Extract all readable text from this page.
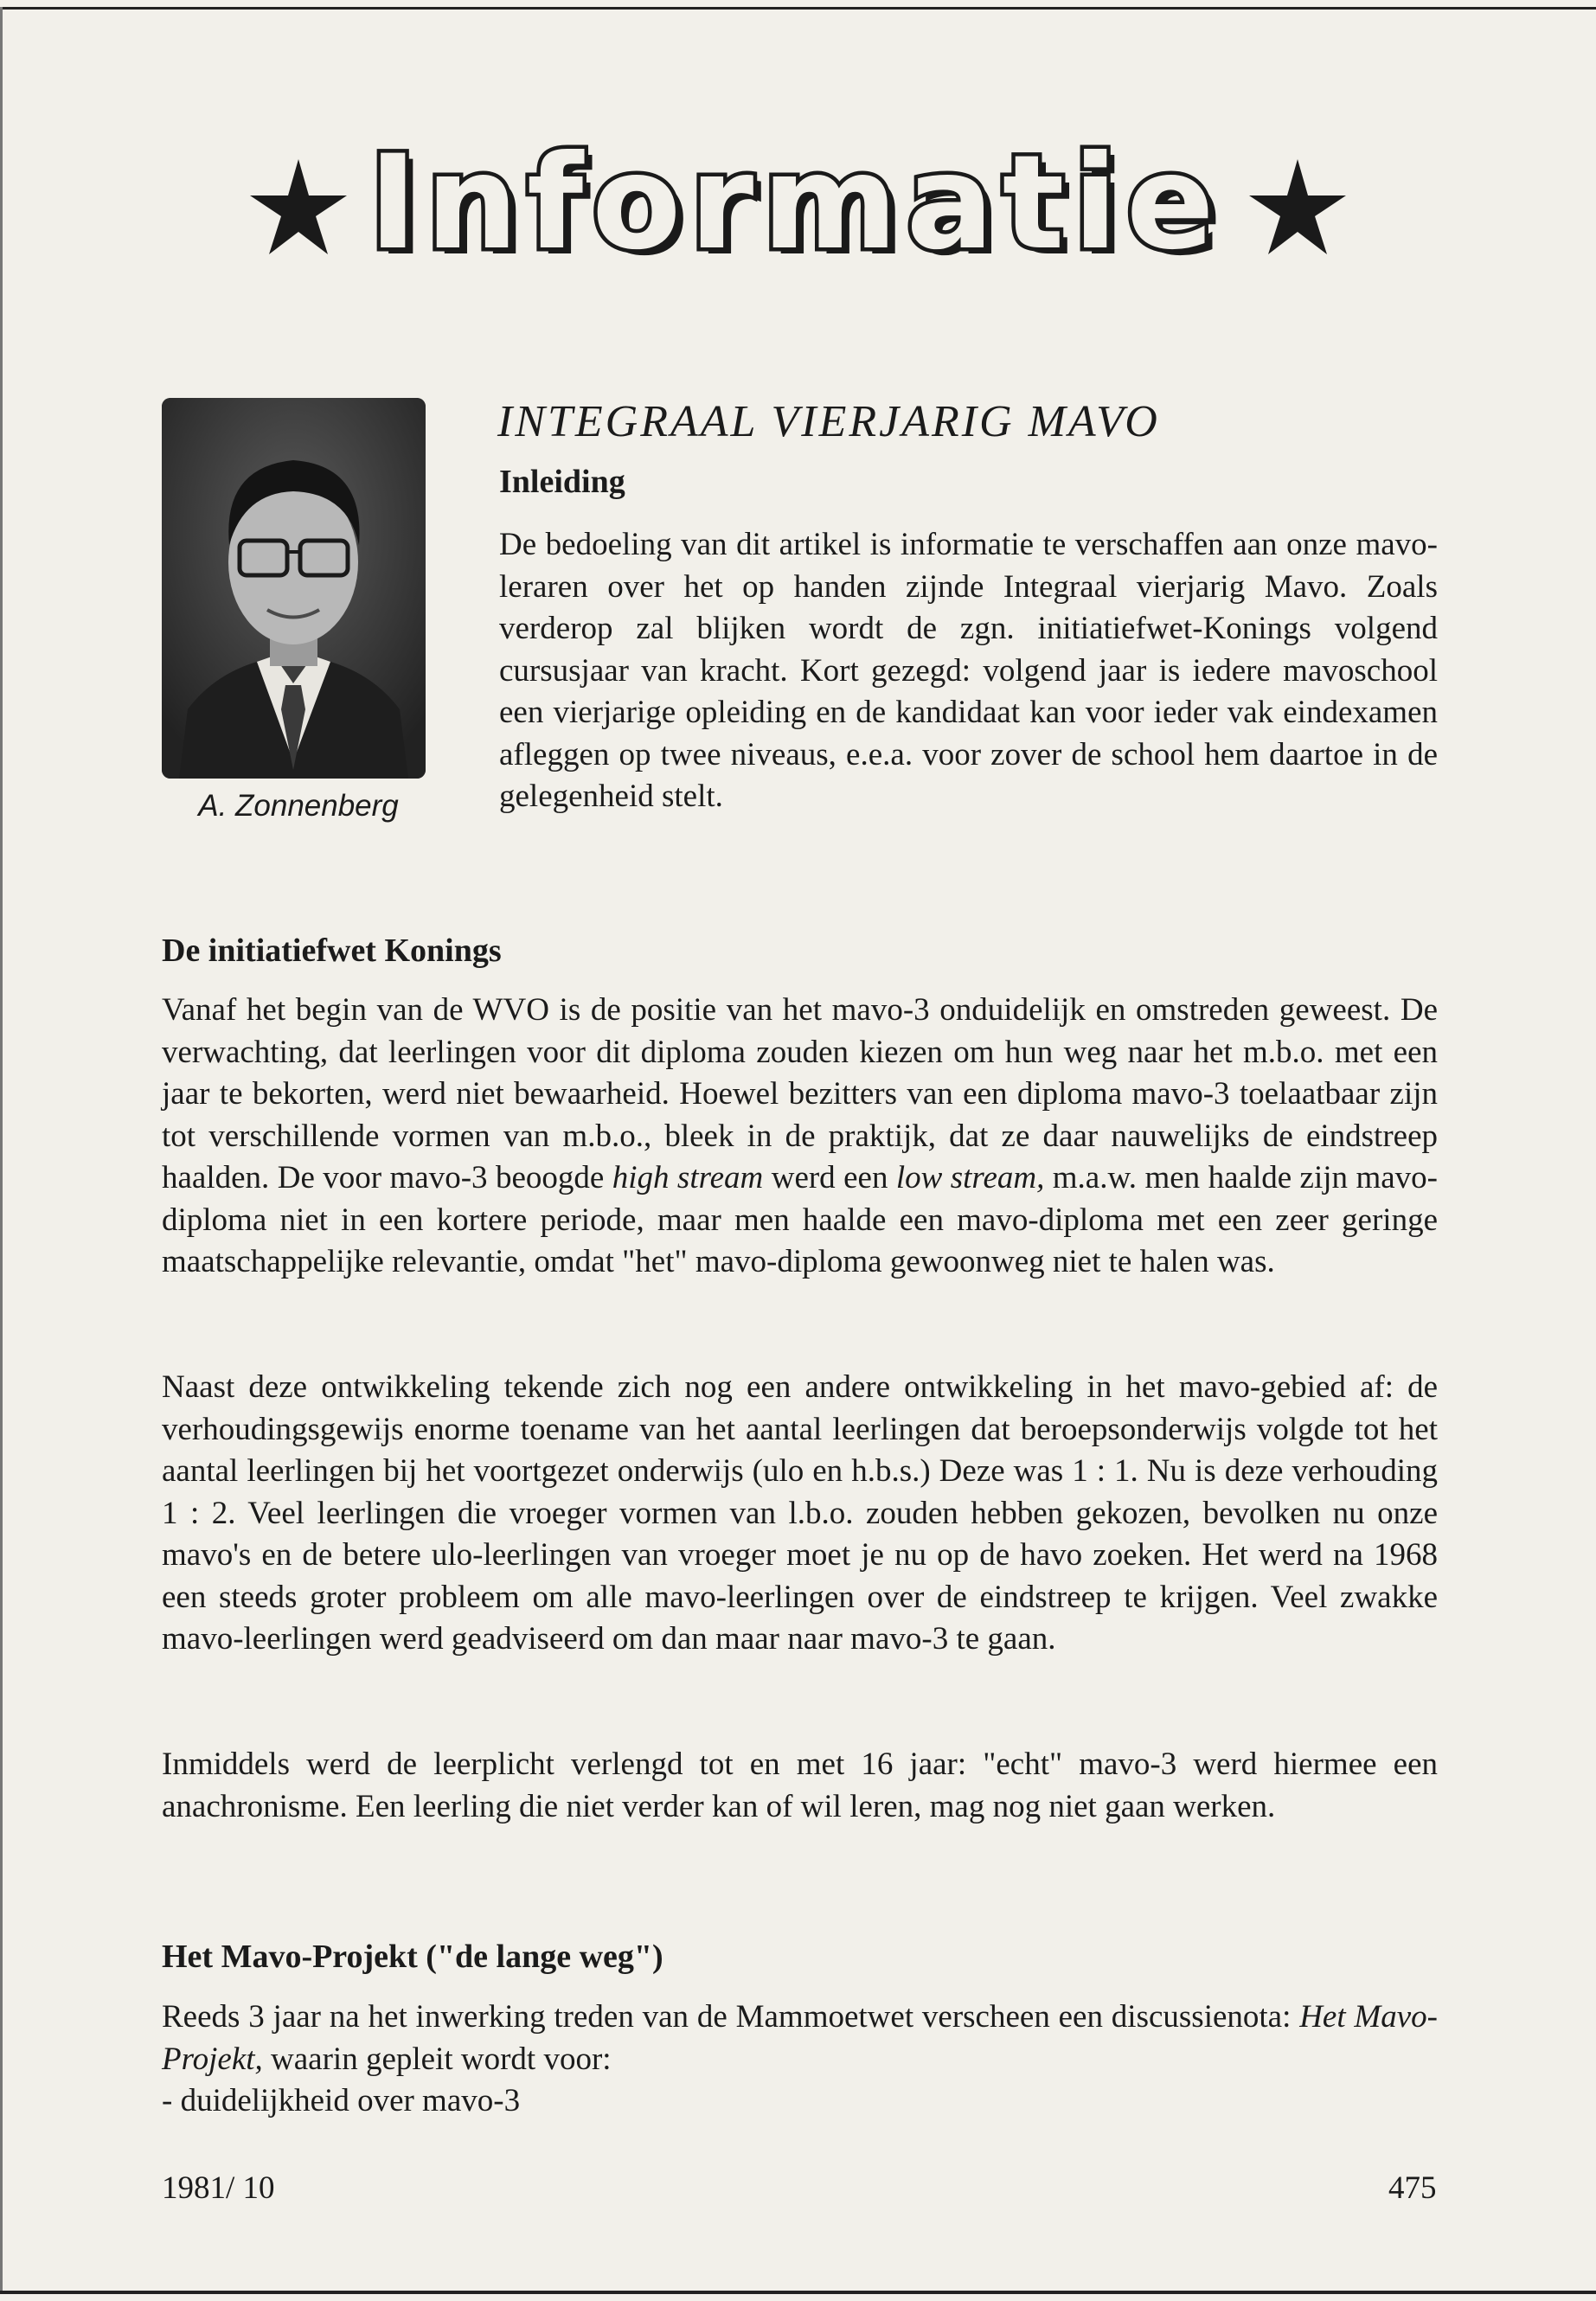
Informatie
A. Zonnenberg
INTEGRAAL VIERJARIG MAVO
Inleiding

De bedoeling van dit artikel is informatie te verschaffen aan onze mavo-leraren over het op handen zijnde Integraal vierjarig Mavo. Zoals verderop zal blijken wordt de zgn. initiatiefwet-Konings volgend cursusjaar van kracht. Kort gezegd: volgend jaar is iedere mavoschool een vierjarige opleiding en de kandidaat kan voor ieder vak eindexamen afleggen op twee niveaus, e.e.a. voor zover de school hem daartoe in de gelegenheid stelt.

De initiatiefwet Konings

Vanaf het begin van de WVO is de positie van het mavo-3 onduidelijk en omstreden geweest. De verwachting, dat leerlingen voor dit diploma zouden kiezen om hun weg naar het m.b.o. met een jaar te bekorten, werd niet bewaarheid. Hoewel bezitters van een diploma mavo-3 toelaatbaar zijn tot verschillende vormen van m.b.o., bleek in de praktijk, dat ze daar nauwelijks de eindstreep haalden. De voor mavo-3 beoogde high stream werd een low stream, m.a.w. men haalde zijn mavo-diploma niet in een kortere periode, maar men haalde een mavo-diploma met een zeer geringe maatschappelijke relevantie, omdat "het" mavo-diploma gewoonweg niet te halen was.

Naast deze ontwikkeling tekende zich nog een andere ontwikkeling in het mavo-gebied af: de verhoudingsgewijs enorme toename van het aantal leerlingen dat beroepsonderwijs volgde tot het aantal leerlingen bij het voortgezet onderwijs (ulo en h.b.s.) Deze was 1 : 1. Nu is deze verhouding 1 : 2. Veel leerlingen die vroeger vormen van l.b.o. zouden hebben gekozen, bevolken nu onze mavo's en de betere ulo-leerlingen van vroeger moet je nu op de havo zoeken. Het werd na 1968 een steeds groter probleem om alle mavo-leerlingen over de eindstreep te krijgen. Veel zwakke mavo-leerlingen werd geadviseerd om dan maar naar mavo-3 te gaan.

Inmiddels werd de leerplicht verlengd tot en met 16 jaar: "echt" mavo-3 werd hiermee een anachronisme. Een leerling die niet verder kan of wil leren, mag nog niet gaan werken.

Het Mavo-Projekt ("de lange weg")

Reeds 3 jaar na het inwerking treden van de Mammoetwet verscheen een discussienota: Het Mavo-Projekt, waarin gepleit wordt voor:

- duidelijkheid over mavo-3
1981/ 10	475
